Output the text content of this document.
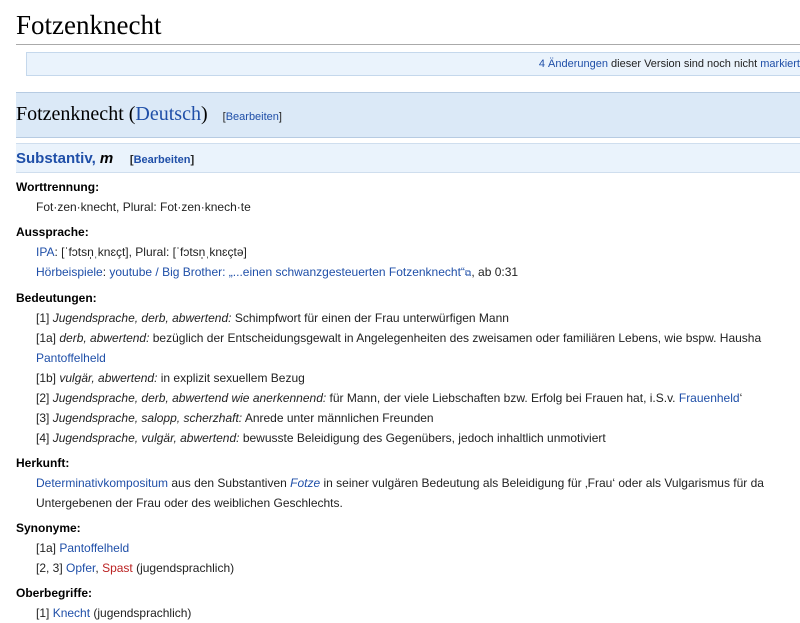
Fotzenknecht
4 Änderungen dieser Version sind noch nicht markiert
Fotzenknecht (Deutsch) [Bearbeiten]
Substantiv, m [Bearbeiten]
Worttrennung:
Fot·zen·knecht, Plural: Fot·zen·knech·te
Aussprache:
IPA: [ˈfɔtsn̩ˌknɛçt], Plural: [ˈfɔtsn̩ˌknɛçtə]
Hörbeispiele: youtube / Big Brother: „...einen schwanzgesteuerten Fotzenknecht“⧉, ab 0:31
Bedeutungen:
[1] Jugendsprache, derb, abwertend: Schimpfwort für einen der Frau unterwürfigen Mann
[1a] derb, abwertend: bezüglich der Entscheidungsgewalt in Angelegenheiten des zweisamen oder familiären Lebens, wie bspw. Hausha
Pantoffelheld
[1b] vulgär, abwertend: in explizit sexuellem Bezug
[2] Jugendsprache, derb, abwertend wie anerkennend: für Mann, der viele Liebschaften bzw. Erfolg bei Frauen hat, i.S.v. Frauenheld‘
[3] Jugendsprache, salopp, scherzhaft: Anrede unter männlichen Freunden
[4] Jugendsprache, vulgär, abwertend: bewusste Beleidigung des Gegenübers, jedoch inhaltlich unmotiviert
Herkunft:
Determinativkompositum aus den Substantiven Fotze in seiner vulgären Bedeutung als Beleidigung für ‚Frau‘ oder als Vulgarismus für da
Untergebenen der Frau oder des weiblichen Geschlechts.
Synonyme:
[1a] Pantoffelheld
[2, 3] Opfer, Spast (jugendsprachlich)
Oberbegriffe:
[1] Knecht (jugendsprachlich)
